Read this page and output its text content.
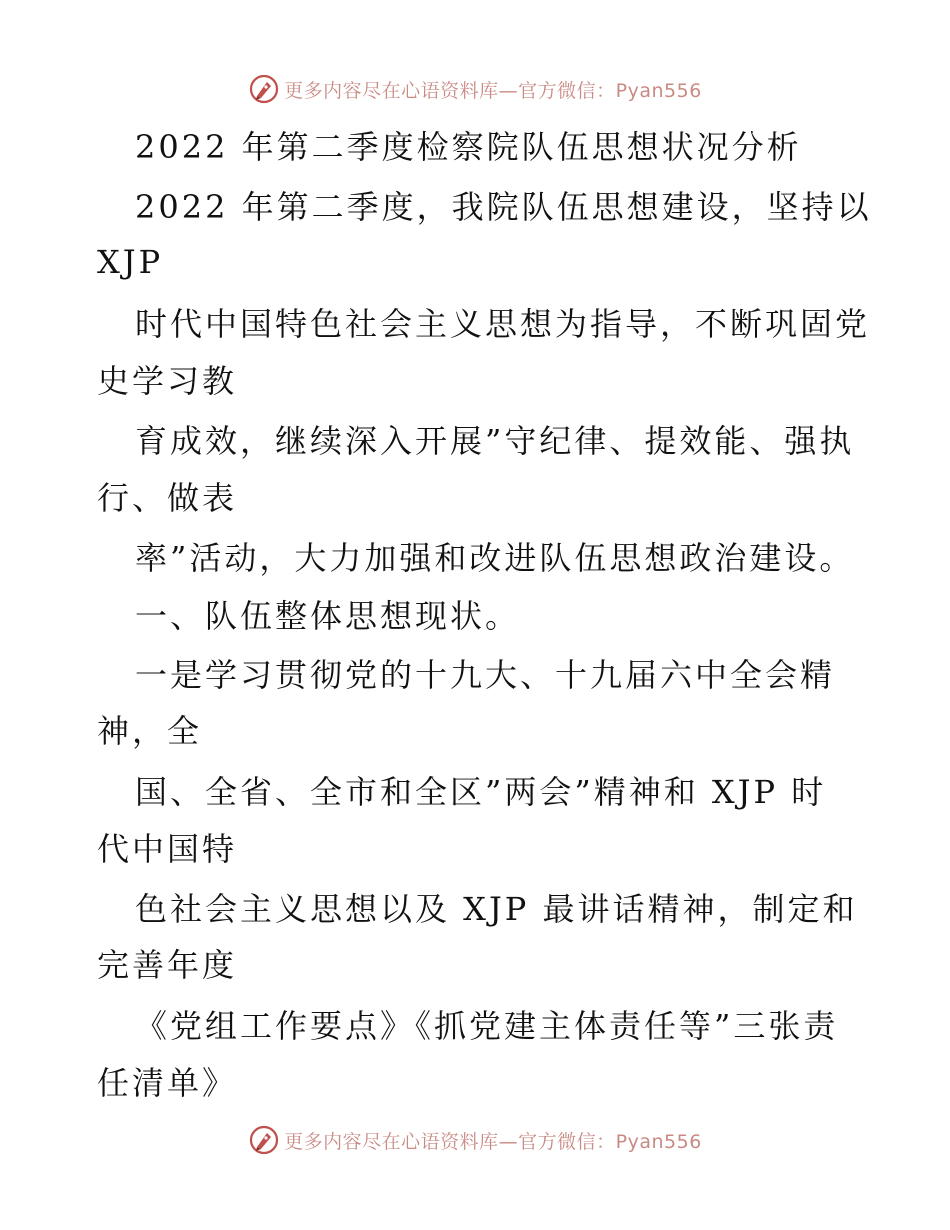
更多内容尽在心语资料库—官方微信：Pyan556
2022 年第二季度检察院队伍思想状况分析
2022 年第二季度，我院队伍思想建设，坚持以
XJP
时代中国特色社会主义思想为指导，不断巩固党
史学习教
育成效，继续深入开展”守纪律、提效能、强执
行、做表
率”活动，大力加强和改进队伍思想政治建设。
一、队伍整体思想现状。
一是学习贯彻党的十九大、十九届六中全会精
神，全
国、全省、全市和全区”两会”精神和 XJP 时
代中国特
色社会主义思想以及 XJP 最讲话精神，制定和
完善年度
《党组工作要点》《抓党建主体责任等”三张责
任清单》
更多内容尽在心语资料库—官方微信：Pyan556
